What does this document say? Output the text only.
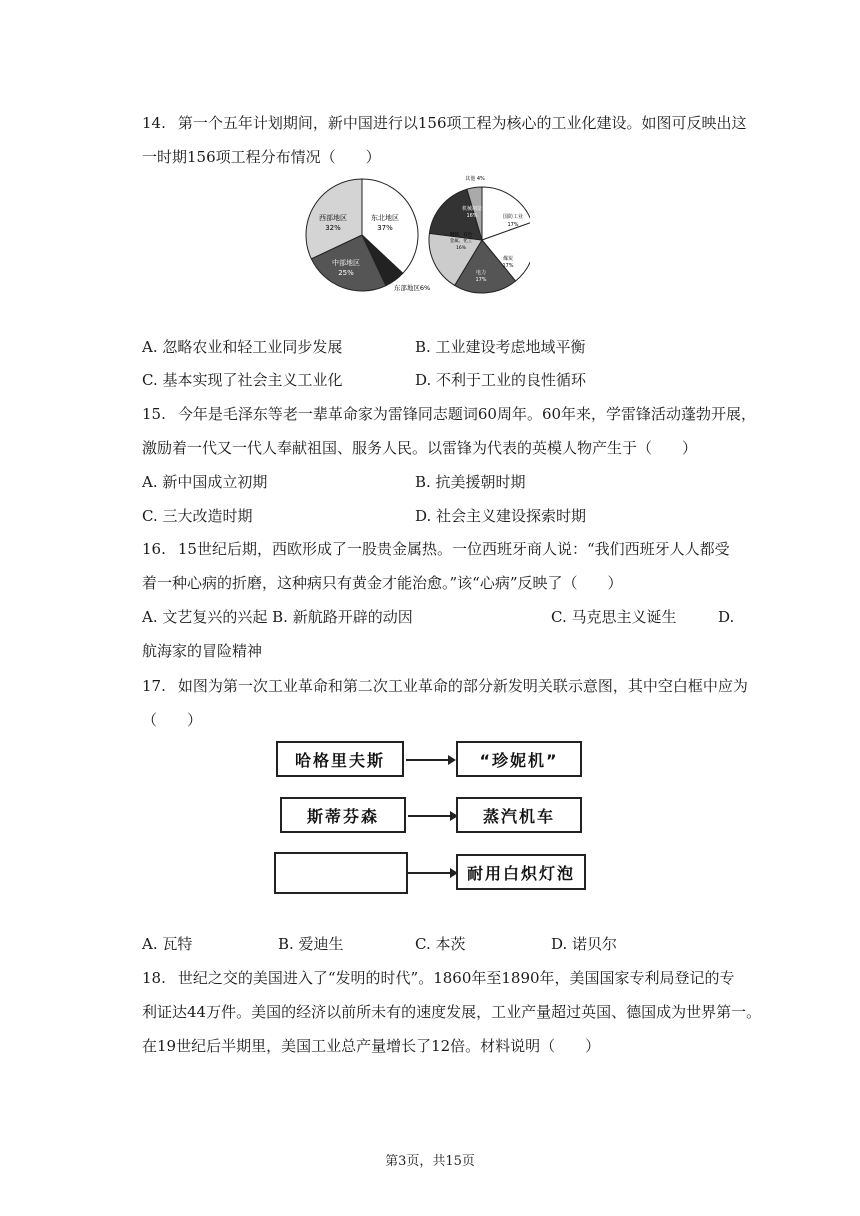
14. 第一个五年计划期间，新中国进行以156项工程为核心的工业化建设。如图可反映出这
一时期156项工程分布情况（　　）
东北地区
37%
东部地区6%
中部地区
25%
西部地区
32%
国防工业
17%
煤炭
17%
电力
17%
钢铁、有色
金属、化工
16%
机械制造
16%
其他 4%
A. 忽略农业和轻工业同步发展	B. 工业建设考虑地域平衡
C. 基本实现了社会主义工业化	D. 不利于工业的良性循环
15. 今年是毛泽东等老一辈革命家为雷锋同志题词60周年。60年来，学雷锋活动蓬勃开展，
激励着一代又一代人奉献祖国、服务人民。以雷锋为代表的英模人物产生于（　　）
A. 新中国成立初期	B. 抗美援朝时期
C. 三大改造时期	D. 社会主义建设探索时期
16. 15世纪后期，西欧形成了一股贵金属热。一位西班牙商人说：“我们西班牙人人都受
着一种心病的折磨，这种病只有黄金才能治愈。”该“心病”反映了（　　）
A. 文艺复兴的兴起 B. 新航路开辟的动因	C. 马克思主义诞生	D.
航海家的冒险精神
17. 如图为第一次工业革命和第二次工业革命的部分新发明关联示意图，其中空白框中应为
（　　）
哈格里夫斯	“珍妮机”
斯蒂芬森	蒸汽机车
耐用白炽灯泡
A. 瓦特	B. 爱迪生	C. 本茨	D. 诺贝尔
18. 世纪之交的美国进入了“发明的时代”。1860年至1890年，美国国家专利局登记的专
利证达44万件。美国的经济以前所未有的速度发展，工业产量超过英国、德国成为世界第一。
在19世纪后半期里，美国工业总产量增长了12倍。材料说明（　　）
第3页，共15页
